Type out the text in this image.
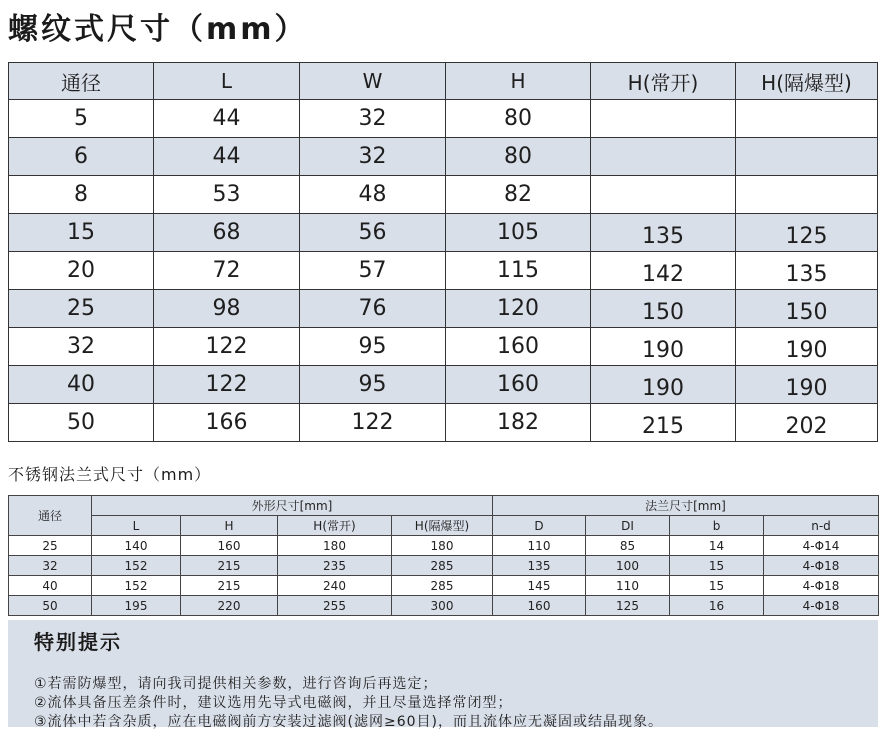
螺纹式尺寸（mm）
通径	L	W	H	H(常开)	H(隔爆型)
5	44	32	80		
6	44	32	80		
8	53	48	82		
15	68	56	105	135	125
20	72	57	115	142	135
25	98	76	120	150	150
32	122	95	160	190	190
40	122	95	160	190	190
50	166	122	182	215	202
不锈钢法兰式尺寸（mm）
通径	外形尺寸[mm]				法兰尺寸[mm]			
	L	H	H(常开)	H(隔爆型)	D	DI	b	n-d
25	140	160	180	180	110	85	14	4-Φ14
32	152	215	235	285	135	100	15	4-Φ18
40	152	215	240	285	145	110	15	4-Φ18
50	195	220	255	300	160	125	16	4-Φ18
特别提示
①若需防爆型，请向我司提供相关参数，进行咨询后再选定；
②流体具备压差条件时，建议选用先导式电磁阀，并且尽量选择常闭型；
③流体中若含杂质，应在电磁阀前方安装过滤阀(滤网≥60目)，而且流体应无凝固或结晶现象。
